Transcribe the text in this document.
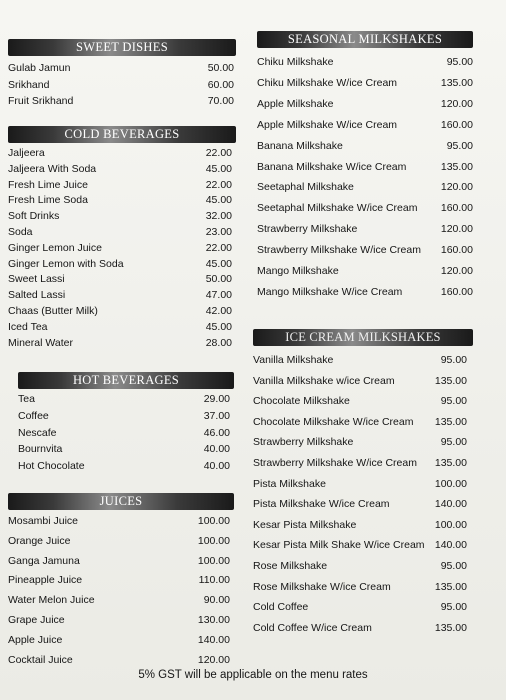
SWEET DISHES
Gulab Jamun	50.00
Srikhand	60.00
Fruit Srikhand	70.00
COLD BEVERAGES
Jaljeera	22.00
Jaljeera With Soda	45.00
Fresh Lime Juice	22.00
Fresh Lime Soda	45.00
Soft Drinks	32.00
Soda	23.00
Ginger Lemon Juice	22.00
Ginger Lemon with Soda	45.00
Sweet Lassi	50.00
Salted Lassi	47.00
Chaas (Butter Milk)	42.00
Iced Tea	45.00
Mineral Water	28.00
HOT BEVERAGES
Tea	29.00
Coffee	37.00
Nescafe	46.00
Bournvita	40.00
Hot Chocolate	40.00
JUICES
Mosambi Juice	100.00
Orange Juice	100.00
Ganga Jamuna	100.00
Pineapple Juice	110.00
Water Melon Juice	90.00
Grape Juice	130.00
Apple Juice	140.00
Cocktail Juice	120.00
SEASONAL MILKSHAKES
Chiku Milkshake	95.00
Chiku Milkshake W/ice Cream	135.00
Apple Milkshake	120.00
Apple Milkshake W/ice Cream	160.00
Banana Milkshake	95.00
Banana Milkshake W/ice Cream	135.00
Seetaphal Milkshake	120.00
Seetaphal Milkshake W/ice Cream	160.00
Strawberry Milkshake	120.00
Strawberry Milkshake W/ice Cream	160.00
Mango Milkshake	120.00
Mango Milkshake W/ice Cream	160.00
ICE CREAM MILKSHAKES
Vanilla Milkshake	95.00
Vanilla Milkshake w/ice Cream	135.00
Chocolate Milkshake	95.00
Chocolate Milkshake W/ice Cream	135.00
Strawberry Milkshake	95.00
Strawberry Milkshake W/ice Cream	135.00
Pista Milkshake	100.00
Pista Milkshake W/ice Cream	140.00
Kesar Pista Milkshake	100.00
Kesar Pista Milk Shake W/ice Cream 140.00
Rose Milkshake	95.00
Rose Milkshake W/ice Cream	135.00
Cold Coffee	95.00
Cold Coffee W/ice Cream	135.00
5% GST will be applicable on the menu rates
